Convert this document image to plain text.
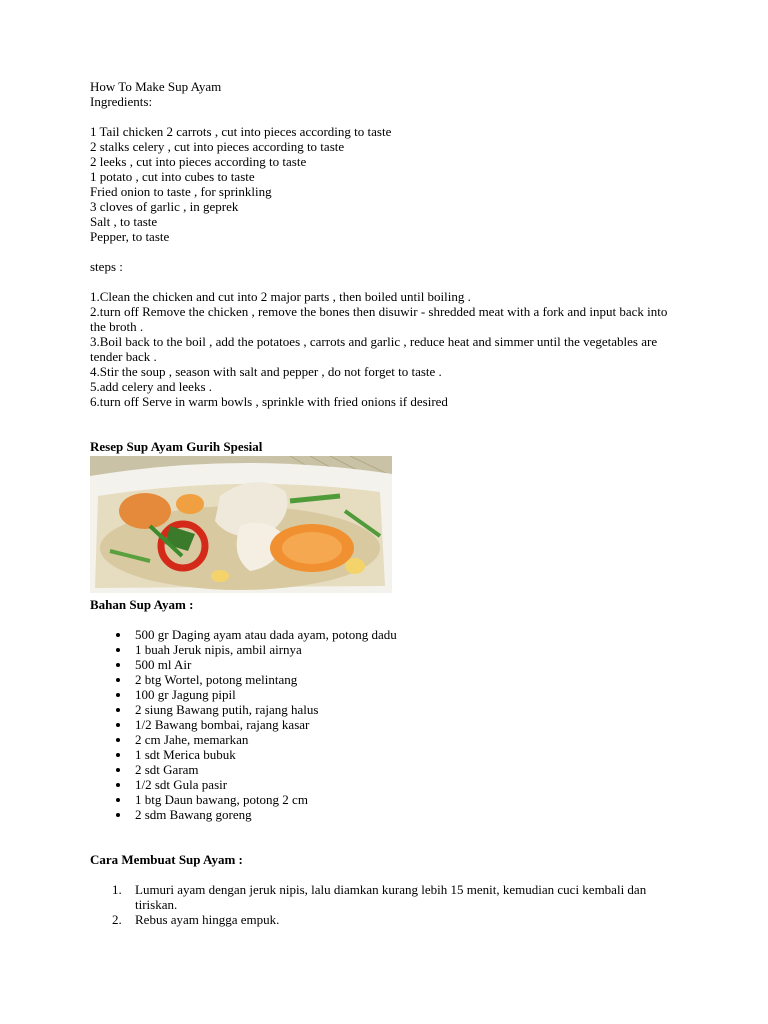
How To Make Sup Ayam
Ingredients:
1 Tail chicken 2 carrots , cut into pieces according to taste
2 stalks celery , cut into pieces according to taste
2 leeks , cut into pieces according to taste
1 potato , cut into cubes to taste
Fried onion to taste , for sprinkling
3 cloves of garlic , in geprek
Salt , to taste
Pepper, to taste
steps :
1.Clean the chicken and cut into 2 major parts , then boiled until boiling .
2.turn off Remove the chicken , remove the bones then disuwir - shredded meat with a fork and input back into the broth .
3.Boil back to the boil , add the potatoes , carrots and garlic , reduce heat and simmer until the vegetables are tender back .
4.Stir the soup , season with salt and pepper , do not forget to taste .
5.add celery and leeks .
6.turn off Serve in warm bowls , sprinkle with fried onions if desired
Resep Sup Ayam Gurih Spesial
Bahan Sup Ayam :
500 gr Daging ayam atau dada ayam, potong dadu
1 buah Jeruk nipis, ambil airnya
500 ml Air
2 btg Wortel, potong melintang
100 gr Jagung pipil
2 siung Bawang putih, rajang halus
1/2 Bawang bombai, rajang kasar
2 cm Jahe, memarkan
1 sdt Merica bubuk
2 sdt Garam
1/2 sdt Gula pasir
1 btg Daun bawang, potong 2 cm
2 sdm Bawang goreng
Cara Membuat Sup Ayam :
1. Lumuri ayam dengan jeruk nipis, lalu diamkan kurang lebih 15 menit, kemudian cuci kembali dan tiriskan.
2. Rebus ayam hingga empuk.
